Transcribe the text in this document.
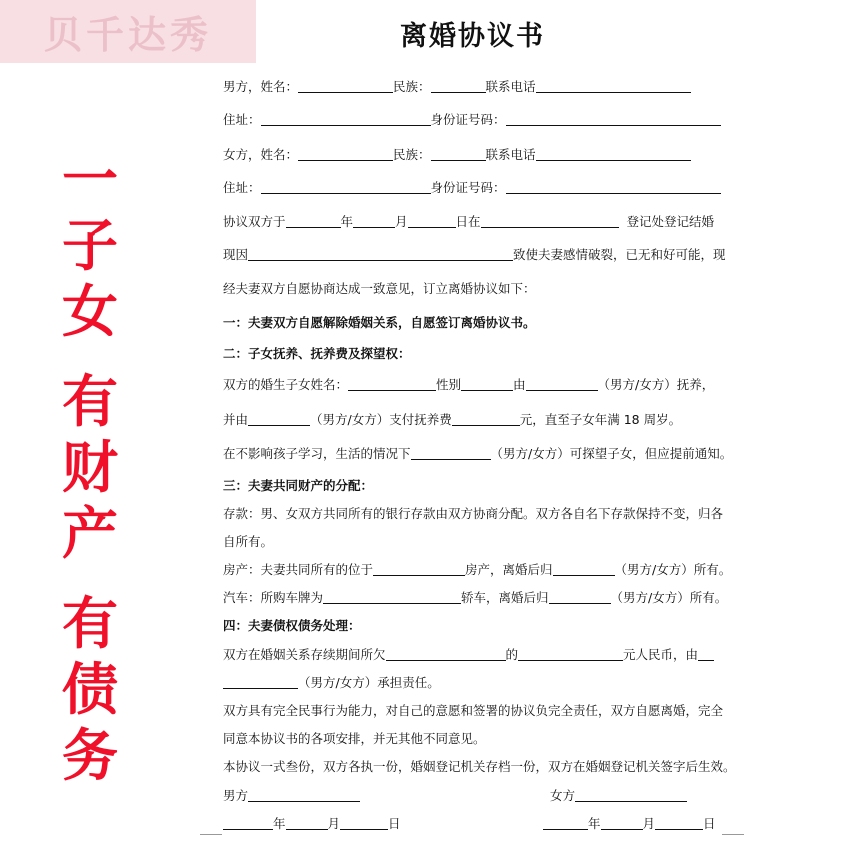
贝千达秀
一
子
女
有
财
产
有
债
务
离婚协议书
男方，姓名：	民族：	联系电话
住址：	身份证号码：
女方，姓名：	民族：	联系电话
住址：	身份证号码：
协议双方于	年	月	日在	登记处登记结婚
现因	致使夫妻感情破裂，已无和好可能，现
经夫妻双方自愿协商达成一致意见，订立离婚协议如下：
一：夫妻双方自愿解除婚姻关系，自愿签订离婚协议书。
二：子女抚养、抚养费及探望权：
双方的婚生子女姓名：	性别	由	（男方/女方）抚养，
并由	（男方/女方）支付抚养费	元，直至子女年满 18 周岁。
在不影响孩子学习，生活的情况下	（男方/女方）可探望子女，但应提前通知。
三：夫妻共同财产的分配：
存款：男、女双方共同所有的银行存款由双方协商分配。双方各自名下存款保持不变，归各
自所有。
房产：夫妻共同所有的位于	房产，离婚后归	（男方/女方）所有。
汽车：所购车牌为	轿车，离婚后归	（男方/女方）所有。
四：夫妻债权债务处理：
双方在婚姻关系存续期间所欠	的	元人民币，由
（男方/女方）承担责任。
双方具有完全民事行为能力，对自己的意愿和签署的协议负完全责任，双方自愿离婚，完全
同意本协议书的各项安排，并无其他不同意见。
本协议一式叁份，双方各执一份，婚姻登记机关存档一份，双方在婚姻登记机关签字后生效。
男方	女方
年	月	日	年	月	日
